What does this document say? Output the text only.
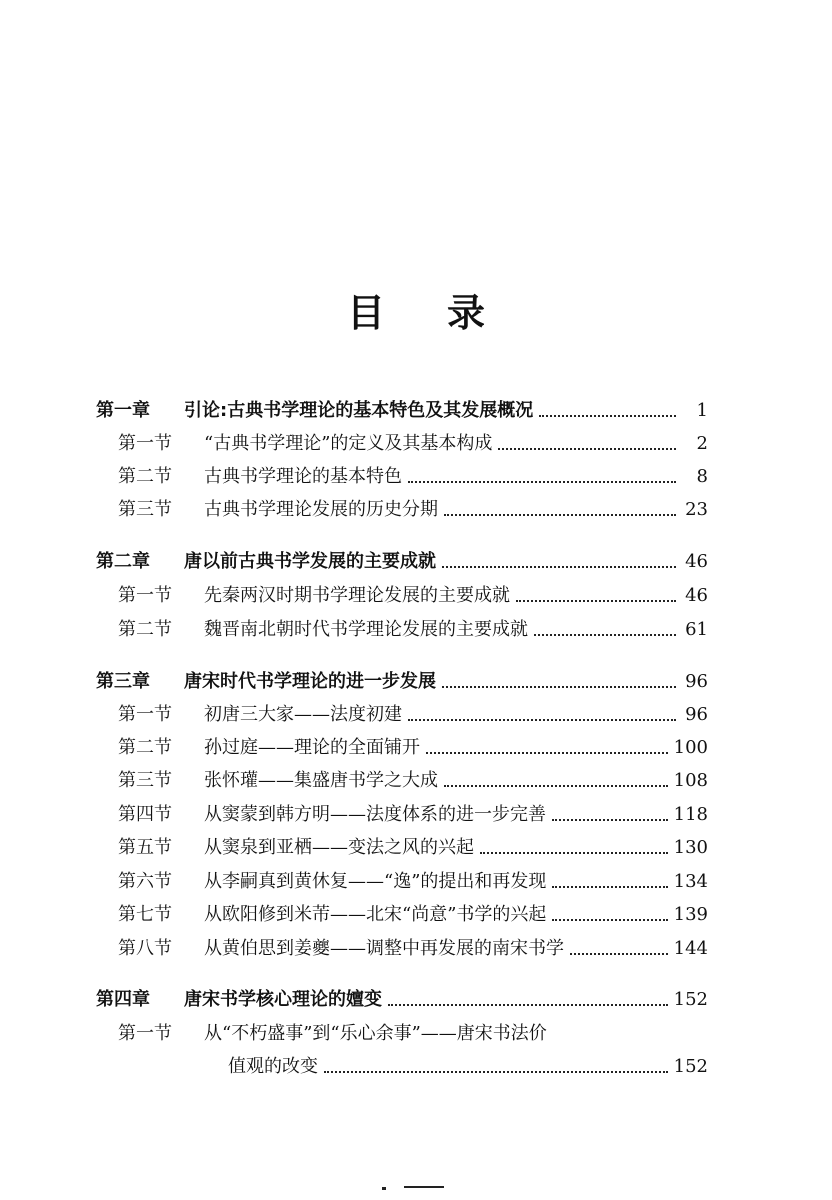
目 录
第一章	引论:古典书学理论的基本特色及其发展概况	1
第一节	“古典书学理论”的定义及其基本构成	2
第二节	古典书学理论的基本特色	8
第三节	古典书学理论发展的历史分期	23
第二章	唐以前古典书学发展的主要成就	46
第一节	先秦两汉时期书学理论发展的主要成就	46
第二节	魏晋南北朝时代书学理论发展的主要成就	61
第三章	唐宋时代书学理论的进一步发展	96
第一节	初唐三大家——法度初建	96
第二节	孙过庭——理论的全面铺开	100
第三节	张怀瓘——集盛唐书学之大成	108
第四节	从窦蒙到韩方明——法度体系的进一步完善	118
第五节	从窦泉到亚栖——变法之风的兴起	130
第六节	从李嗣真到黄休复——“逸”的提出和再发现	134
第七节	从欧阳修到米芾——北宋“尚意”书学的兴起	139
第八节	从黄伯思到姜夔——调整中再发展的南宋书学	144
第四章	唐宋书学核心理论的嬗变	152
第一节	从“不朽盛事”到“乐心余事”——唐宋书法价
值观的改变	152
